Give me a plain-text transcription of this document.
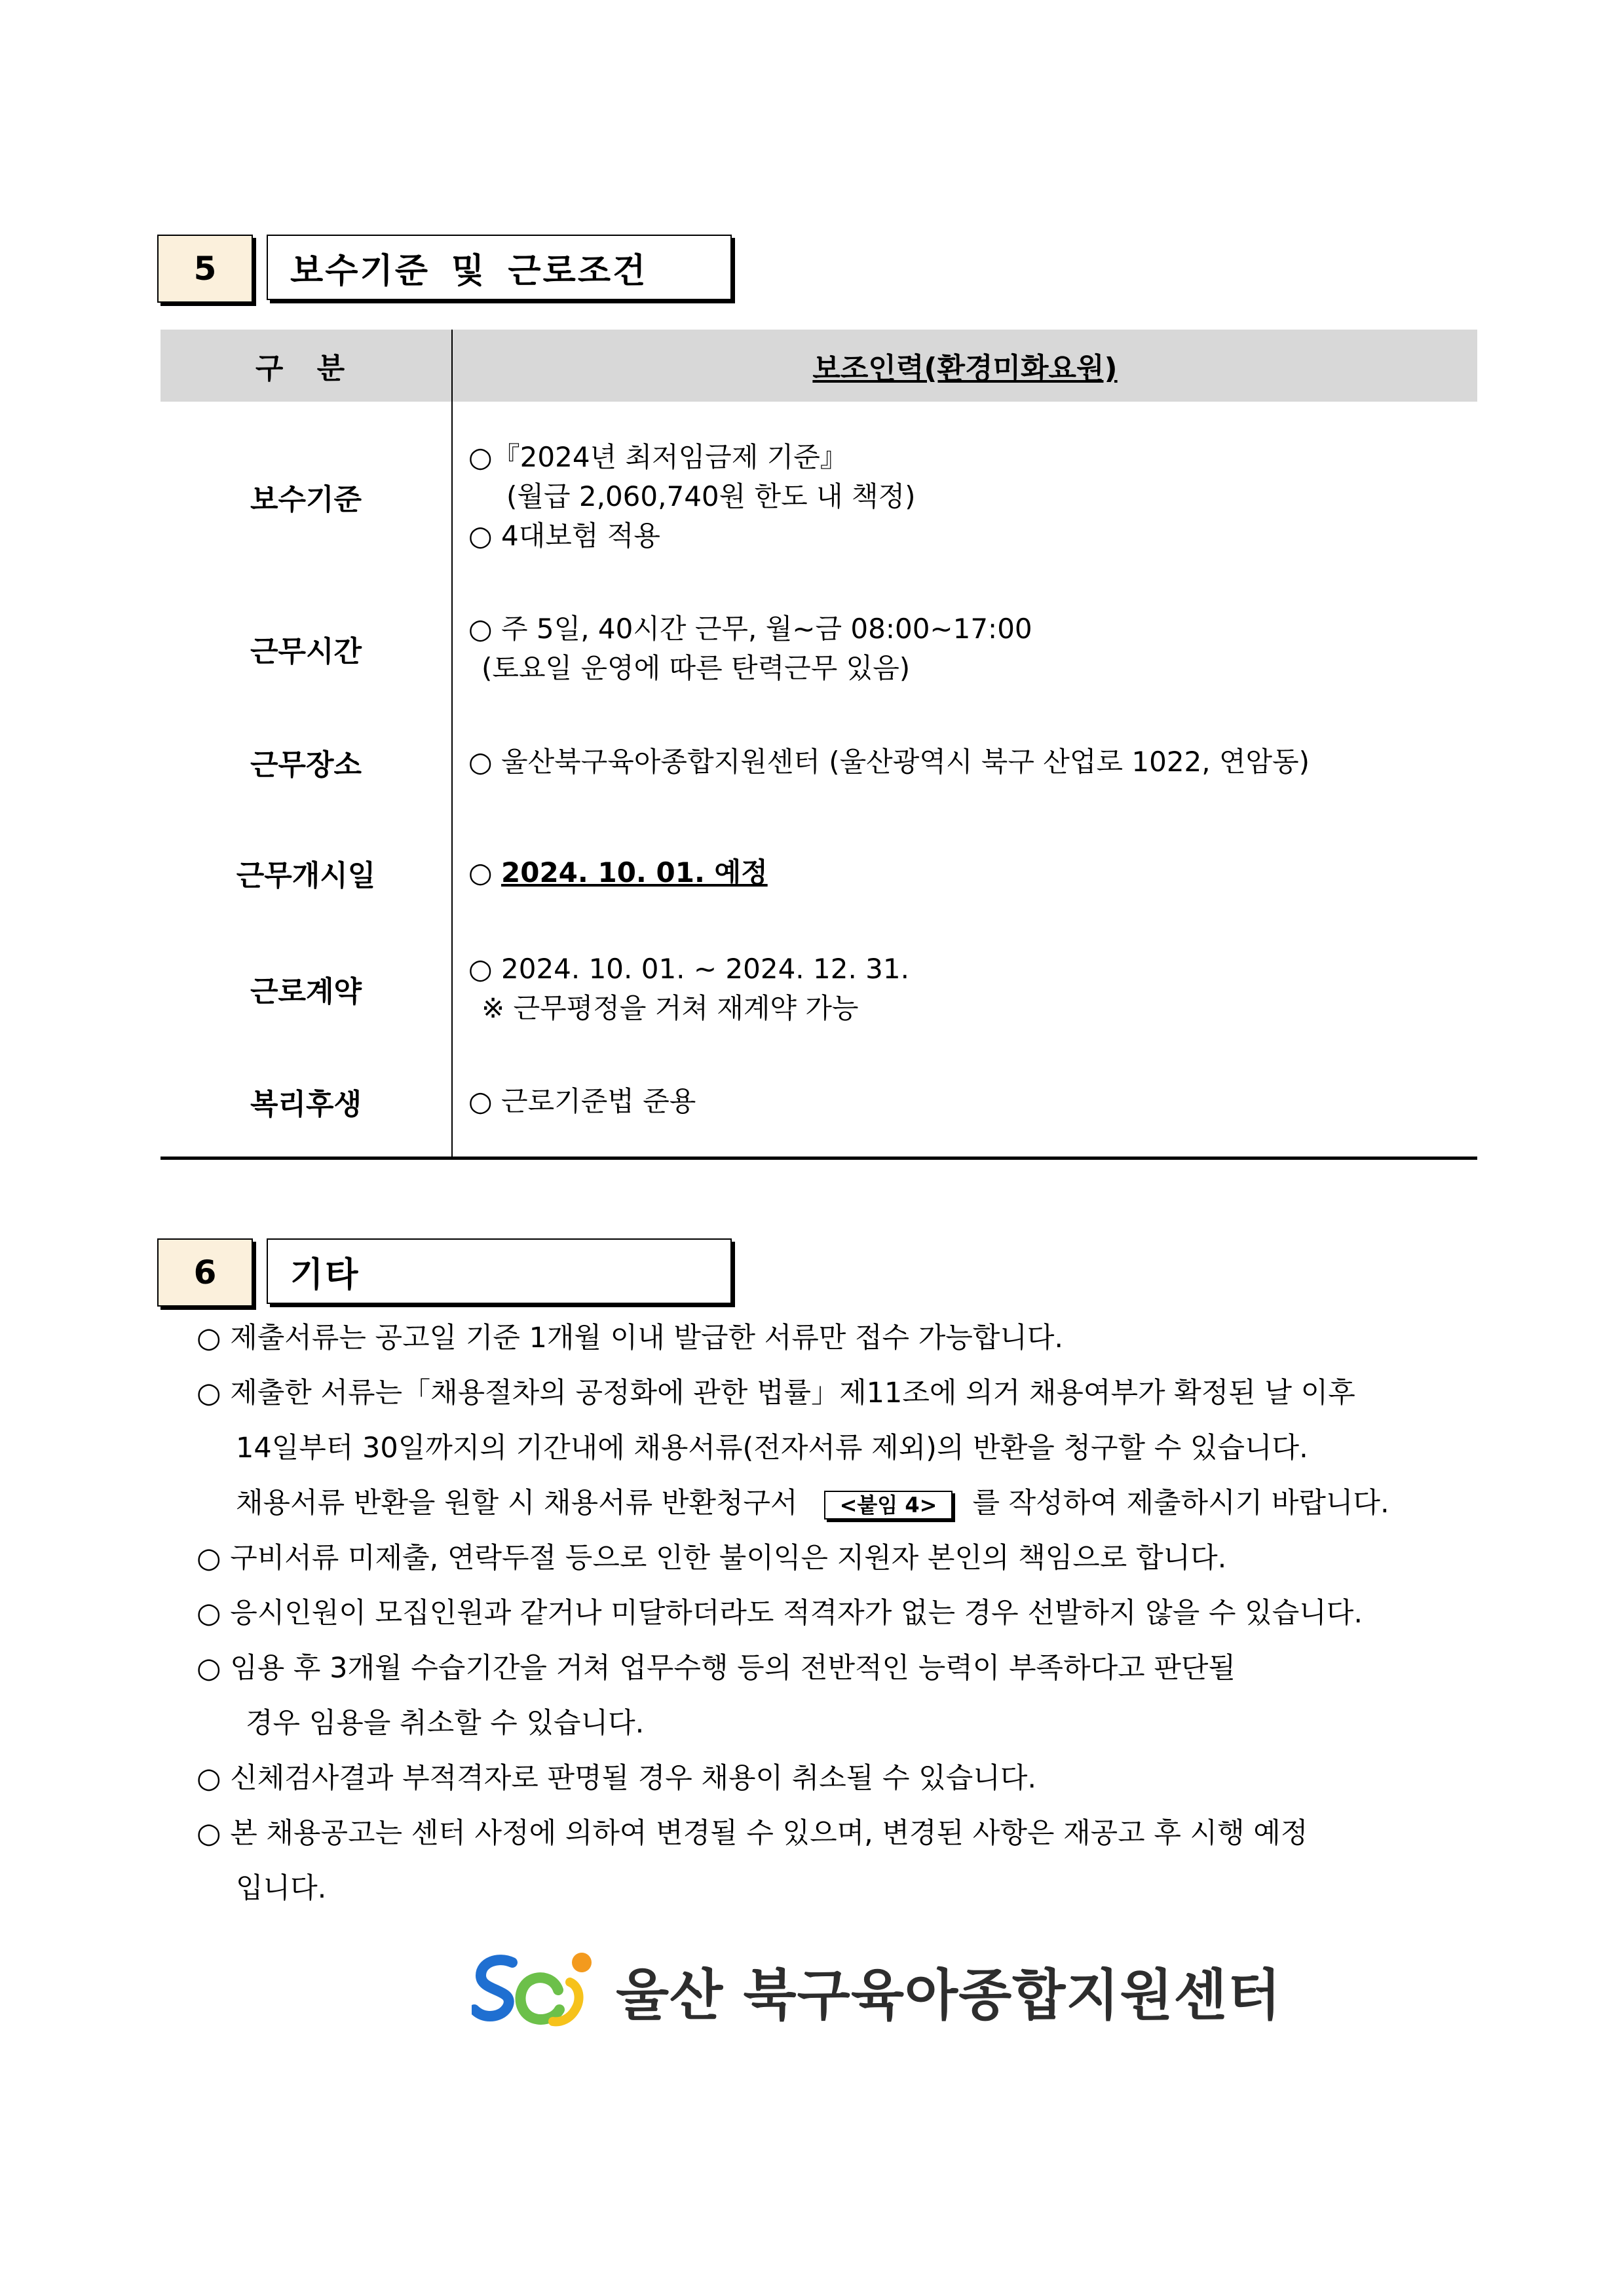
5	보수기준 및 근로조건
구 분	보조인력(환경미화요원)

보수기준	○『2024년 최저임금제 기준』
(월급 2,060,740원 한도 내 책정)
○ 4대보험 적용

근무시간	○ 주 5일, 40시간 근무, 월~금 08:00~17:00
(토요일 운영에 따른 탄력근무 있음)

근무장소	○ 울산북구육아종합지원센터 (울산광역시 북구 산업로 1022, 연암동)

근무개시일	○ 2024. 10. 01. 예정
근로계약	○ 2024. 10. 01. ~ 2024. 12. 31.
※ 근무평정을 거쳐 재계약 가능

복리후생	○ 근로기준법 준용
6	기타

○ 제출서류는 공고일 기준 1개월 이내 발급한 서류만 접수 가능합니다.

○ 제출한 서류는「채용절차의 공정화에 관한 법률」제11조에 의거 채용여부가 확정된 날 이후

14일부터 30일까지의 기간내에 채용서류(전자서류 제외)의 반환을 청구할 수 있습니다.

채용서류 반환을 원할 시 채용서류 반환청구서 <붙임 4> 를 작성하여 제출하시기 바랍니다.

○ 구비서류 미제출, 연락두절 등으로 인한 불이익은 지원자 본인의 책임으로 합니다.

○ 응시인원이 모집인원과 같거나 미달하더라도 적격자가 없는 경우 선발하지 않을 수 있습니다.

○ 임용 후 3개월 수습기간을 거쳐 업무수행 등의 전반적인 능력이 부족하다고 판단될

경우 임용을 취소할 수 있습니다.

○ 신체검사결과 부적격자로 판명될 경우 채용이 취소될 수 있습니다.

○ 본 채용공고는 센터 사정에 의하여 변경될 수 있으며, 변경된 사항은 재공고 후 시행 예정

입니다.

울산 북구육아종합지원센터
